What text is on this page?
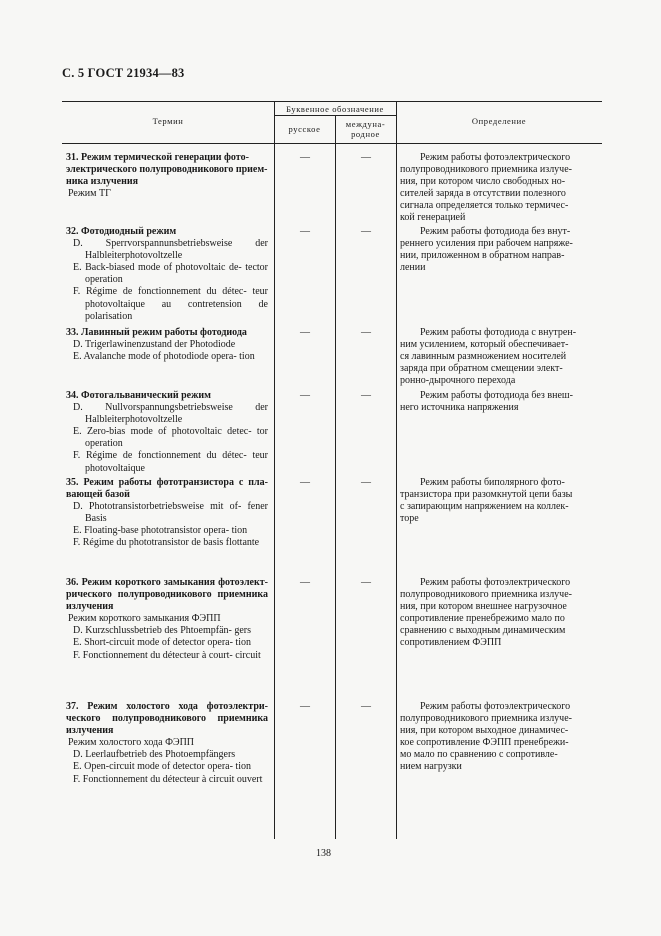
С. 5 ГОСТ 21934—83
Термин
Буквенное обозначение
русское	междуна-
родное
Определение

31. Режим термической генерации фото-

электрического полупроводникового прием-

ника излучения

Режим ТГ

—	—	Режим работы фотоэлектрического
полупроводникового приемника излуче-
ния, при котором число свободных но-
сителей заряда в отсутствии полезного
сигнала определяется только термичес-
кой генерацией

32. Фотодиодный режим

D. Sperrvorspannunsbetriebsweise der Halbleiterphotovoltzelle

E. Back-biased mode of photovoltaic de- tector operation

F. Régime de fonctionnement du détec- teur photovoltaique au contretension de polarisation

—	—	Режим работы фотодиода без внут-
реннего усиления при рабочем напряже-
нии, приложенном в обратном направ-
лении

33. Лавинный режим работы фотодиода

D. Trigerlawinenzustand der Photodiode

E. Avalanche mode of photodiode opera- tion

—	—	Режим работы фотодиода с внутрен-
ним усилением, который обеспечивает-
ся лавинным размножением носителей
заряда при обратном смещении элект-
ронно-дырочного перехода

34. Фотогальванический режим

D. Nullvorspannungsbetriebsweise der Halbleiterphotovoltzelle

E. Zero-bias mode of photovoltaic detec- tor operation

F. Régime de fonctionnement du détec- teur photovoltaique

—	—	Режим работы фотодиода без внеш-
него источника напряжения

35. Режим работы фототранзистора с пла- вающей базой

D. Phototransistorbetriebsweise mit of- fener Basis

E. Floating-base phototransistor opera- tion

F. Régime du phototransistor de basis flottante

—	—	Режим работы биполярного фото-
транзистора при разомкнутой цепи базы
с запирающим напряжением на коллек-
торе

36. Режим короткого замыкания фотоэлект- рического полупроводникового приемника излучения

Режим короткого замыкания ФЭПП

D. Kurzschlussbetrieb des Phtoempfän- gers

E. Short-circuit mode of detector opera- tion

F. Fonctionnement du détecteur à court- circuit

—	—	Режим работы фотоэлектрического
полупроводникового приемника излуче-
ния, при котором внешнее нагрузочное
сопротивление пренебрежимо мало по
сравнению с выходным динамическим
сопротивлением ФЭПП

37. Режим холостого хода фотоэлектри- ческого полупроводникового приемника излучения

Режим холостого хода ФЭПП

D. Leerlaufbetrieb des Photoempfängers

E. Open-circuit mode of detector opera- tion

F. Fonctionnement du détecteur à circuit ouvert

—	—	Режим работы фотоэлектрического
полупроводникового приемника излуче-
ния, при котором выходное динамичес-
кое сопротивление ФЭПП пренебрежи-
мо мало по сравнению с сопротивле-
нием нагрузки
138
